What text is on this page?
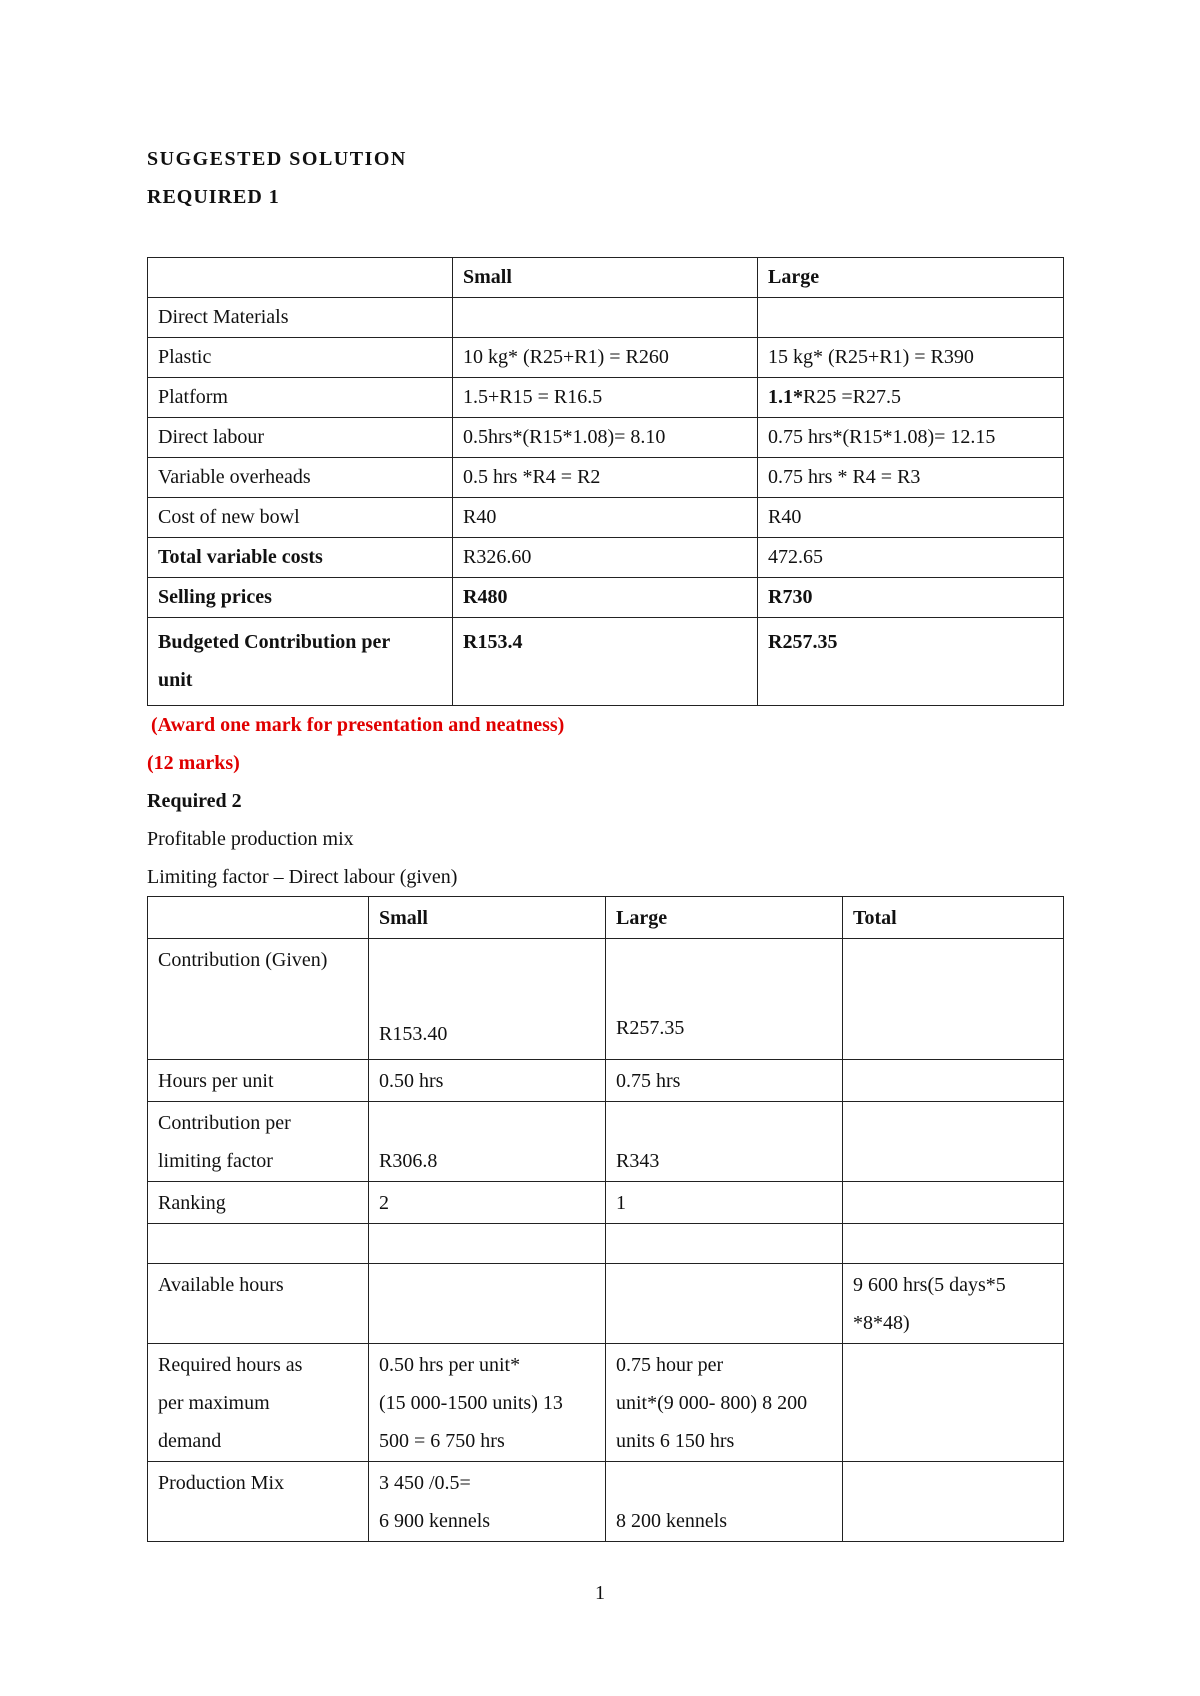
SUGGESTED SOLUTION

REQUIRED 1

	Small	Large
Direct Materials		
Plastic	10 kg* (R25+R1) = R260	15 kg* (R25+R1) = R390
Platform	1.5+R15 = R16.5	1.1*R25 =R27.5
Direct labour	0.5hrs*(R15*1.08)= 8.10	0.75 hrs*(R15*1.08)= 12.15
Variable overheads	0.5 hrs *R4 = R2	0.75 hrs * R4 = R3
Cost of new bowl	R40	R40
Total variable costs	R326.60	472.65
Selling prices	R480	R730

Budgeted Contribution per
unit	R153.4	R257.35

(Award one mark for presentation and neatness)

(12 marks)

Required 2

Profitable production mix

Limiting factor – Direct labour (given)

	Small	Large	Total
Contribution (Given)	R153.40	R257.35	
Hours per unit	0.50 hrs	0.75 hrs	

Contribution per
limiting factor	R306.8	R343	
Ranking	2	1	

Available hours			9 600 hrs(5 days*5
*8*48)

Required hours as
per maximum
demand	0.50 hrs per unit*
(15 000-1500 units) 13
500 = 6 750 hrs	0.75 hour per
unit*(9 000- 800) 8 200
units 6 150 hrs	

Production Mix	3 450 /0.5=
6 900 kennels	8 200 kennels	
1
